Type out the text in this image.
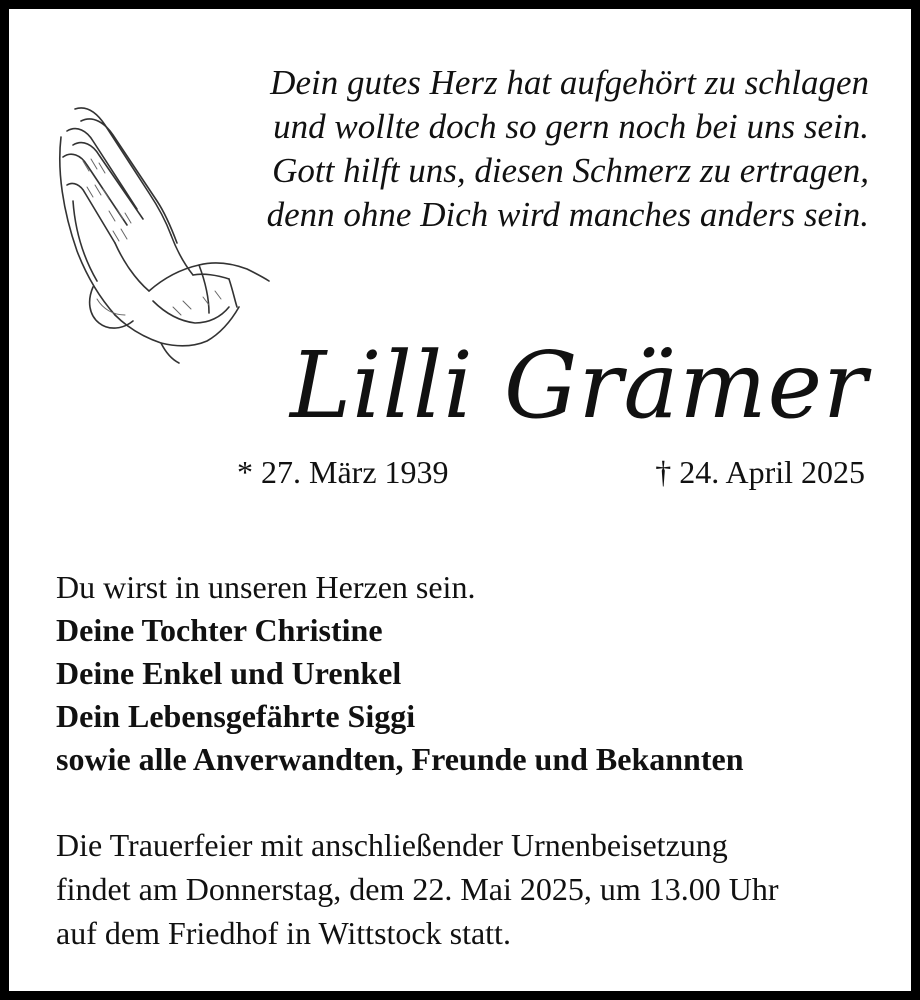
Dein gutes Herz hat aufgehört zu schlagen
und wollte doch so gern noch bei uns sein.
Gott hilft uns, diesen Schmerz zu ertragen,
denn ohne Dich wird manches anders sein.
Lilli Grämer
* 27. März 1939	† 24. April 2025
Du wirst in unseren Herzen sein.
Deine Tochter Christine
Deine Enkel und Urenkel
Dein Lebensgefährte Siggi
sowie alle Anverwandten, Freunde und Bekannten
Die Trauerfeier mit anschließender Urnenbeisetzung
findet am Donnerstag, dem 22. Mai 2025, um 13.00 Uhr
auf dem Friedhof in Wittstock statt.
